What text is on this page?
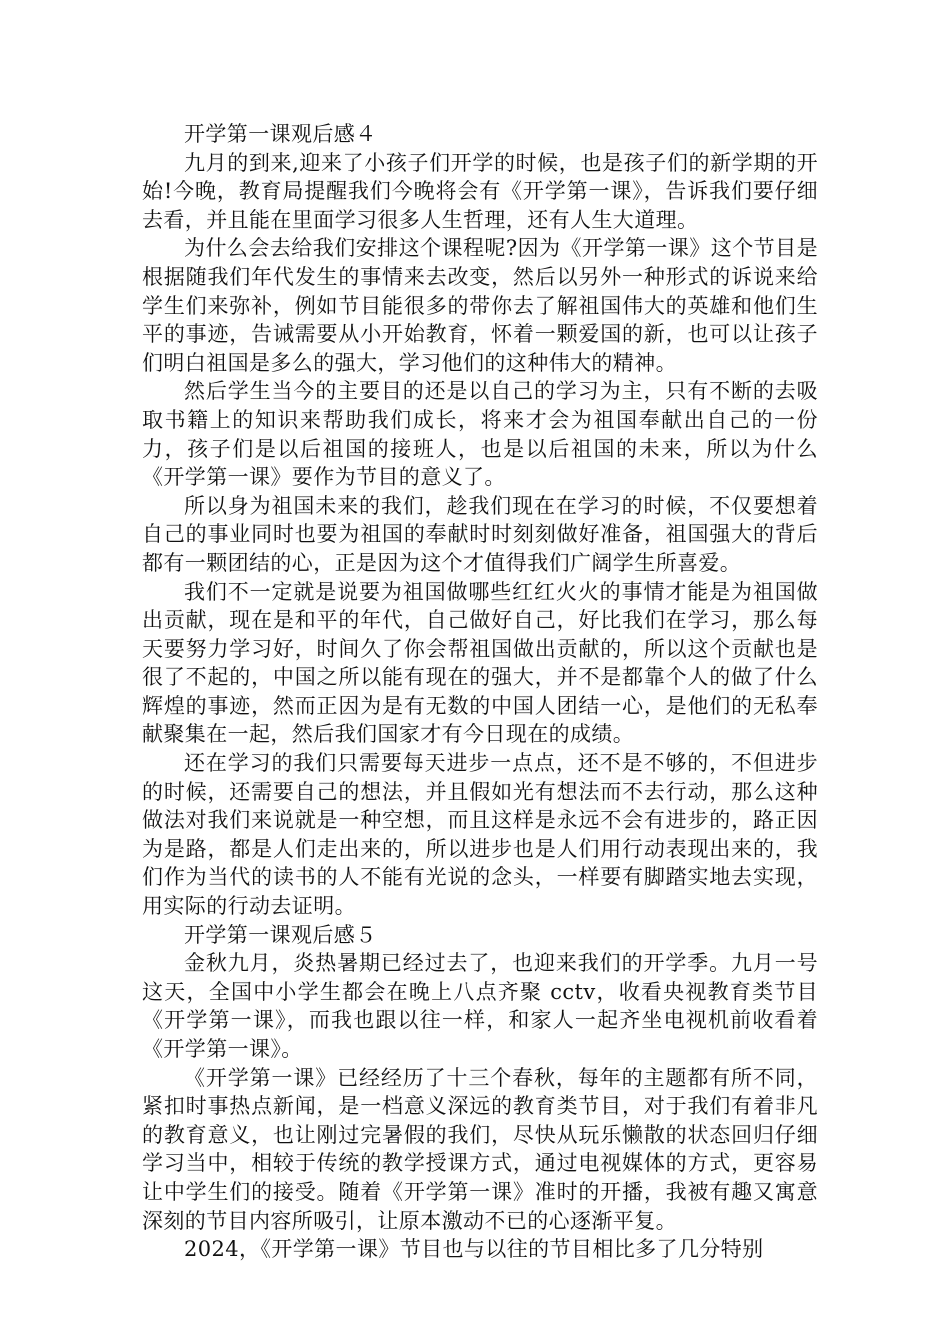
开学第一课观后感４

九月的到来,迎来了小孩子们开学的时候，也是孩子们的新学期的开始!今晚，教育局提醒我们今晚将会有《开学第一课》，告诉我们要仔细去看，并且能在里面学习很多人生哲理，还有人生大道理。

为什么会去给我们安排这个课程呢?因为《开学第一课》这个节目是根据随我们年代发生的事情来去改变，然后以另外一种形式的诉说来给学生们来弥补，例如节目能很多的带你去了解祖国伟大的英雄和他们生平的事迹，告诫需要从小开始教育，怀着一颗爱国的新，也可以让孩子们明白祖国是多么的强大，学习他们的这种伟大的精神。

然后学生当今的主要目的还是以自己的学习为主，只有不断的去吸取书籍上的知识来帮助我们成长，将来才会为祖国奉献出自己的一份力，孩子们是以后祖国的接班人，也是以后祖国的未来，所以为什么《开学第一课》要作为节目的意义了。

所以身为祖国未来的我们，趁我们现在在学习的时候，不仅要想着自己的事业同时也要为祖国的奉献时时刻刻做好准备，祖国强大的背后都有一颗团结的心，正是因为这个才值得我们广阔学生所喜爱。

我们不一定就是说要为祖国做哪些红红火火的事情才能是为祖国做出贡献，现在是和平的年代，自己做好自己，好比我们在学习，那么每天要努力学习好，时间久了你会帮祖国做出贡献的，所以这个贡献也是很了不起的，中国之所以能有现在的强大，并不是都靠个人的做了什么辉煌的事迹，然而正因为是有无数的中国人团结一心，是他们的无私奉献聚集在一起，然后我们国家才有今日现在的成绩。

还在学习的我们只需要每天进步一点点，还不是不够的，不但进步的时候，还需要自己的想法，并且假如光有想法而不去行动，那么这种做法对我们来说就是一种空想，而且这样是永远不会有进步的，路正因为是路，都是人们走出来的，所以进步也是人们用行动表现出来的，我们作为当代的读书的人不能有光说的念头，一样要有脚踏实地去实现，用实际的行动去证明。

开学第一课观后感５

金秋九月，炎热暑期已经过去了，也迎来我们的开学季。九月一号这天，全国中小学生都会在晚上八点齐聚 cctv，收看央视教育类节目《开学第一课》，而我也跟以往一样，和家人一起齐坐电视机前收看着《开学第一课》。

《开学第一课》已经经历了十三个春秋，每年的主题都有所不同，紧扣时事热点新闻，是一档意义深远的教育类节目，对于我们有着非凡的教育意义，也让刚过完暑假的我们，尽快从玩乐懒散的状态回归仔细学习当中，相较于传统的教学授课方式，通过电视媒体的方式，更容易让中学生们的接受。随着《开学第一课》准时的开播，我被有趣又寓意深刻的节目内容所吸引，让原本激动不已的心逐渐平复。

2024，《开学第一课》节目也与以往的节目相比多了几分特别
